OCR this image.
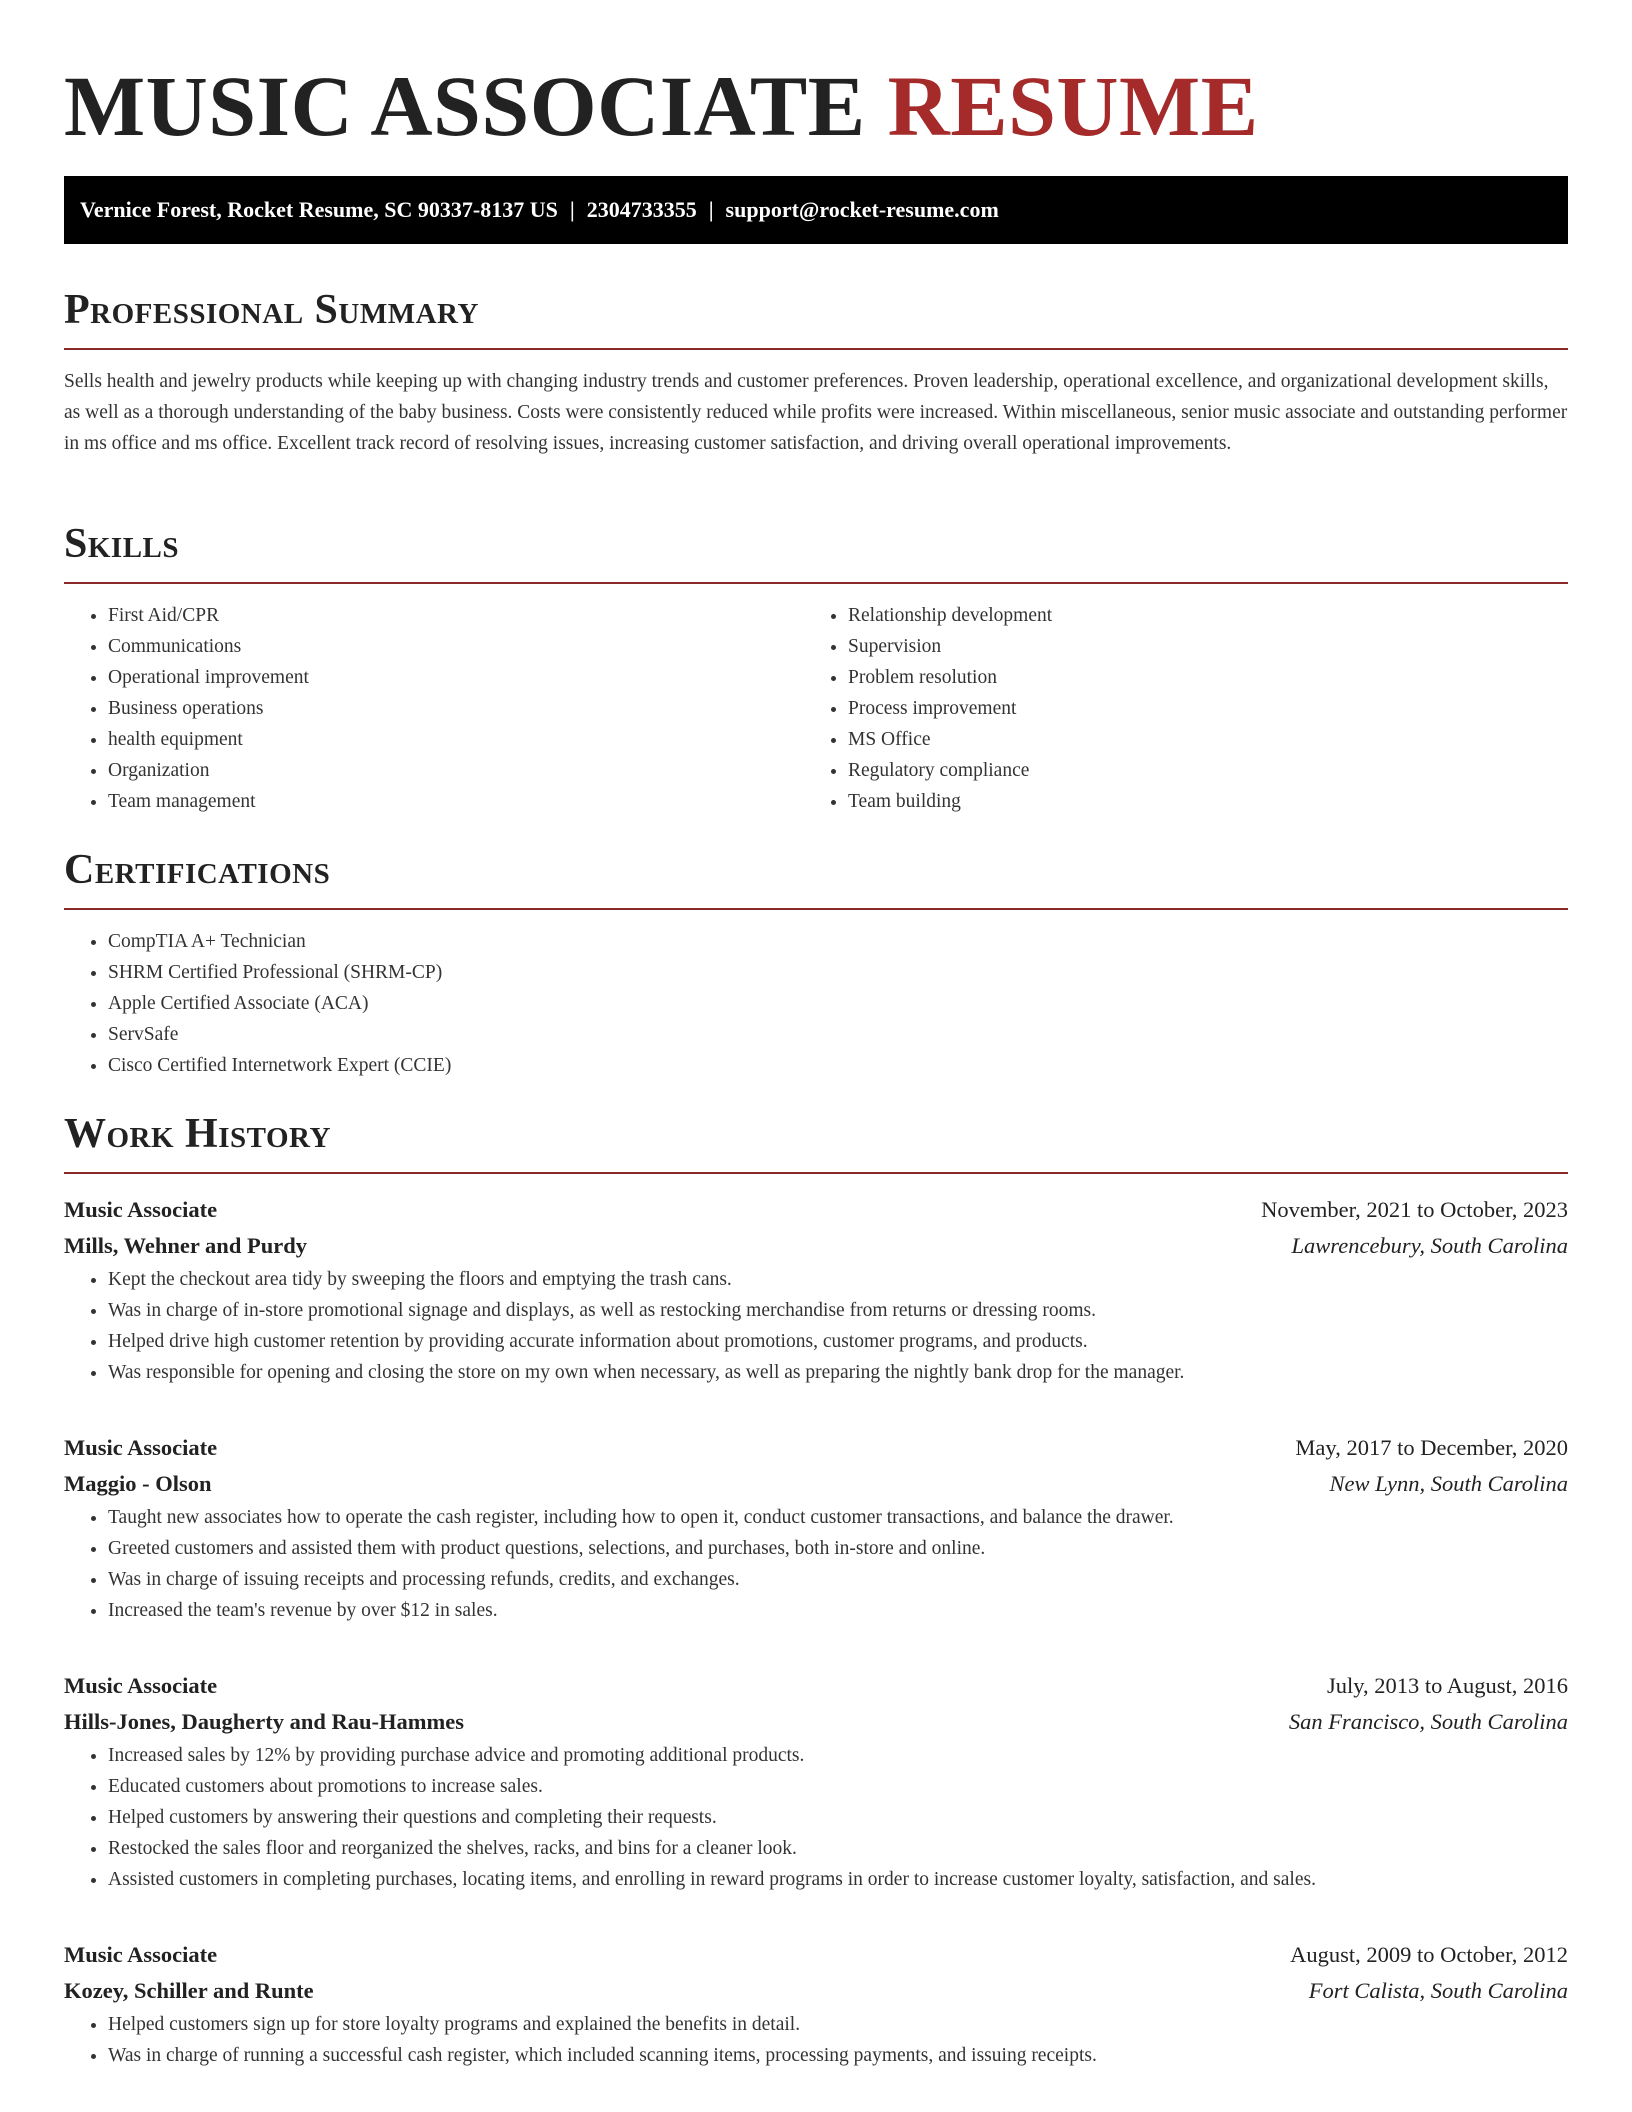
MUSIC ASSOCIATE RESUME
Vernice Forest, Rocket Resume, SC 90337-8137 US | 2304733355 | support@rocket-resume.com
Professional Summary

Sells health and jewelry products while keeping up with changing industry trends and customer preferences. Proven leadership, operational excellence, and organizational development skills, as well as a thorough understanding of the baby business. Costs were consistently reduced while profits were increased. Within miscellaneous, senior music associate and outstanding performer in ms office and ms office. Excellent track record of resolving issues, increasing customer satisfaction, and driving overall operational improvements.

Skills
• First Aid/CPR
• Communications
• Operational improvement
• Business operations
• health equipment
• Organization
• Team management
• Relationship development
• Supervision
• Problem resolution
• Process improvement
• MS Office
• Regulatory compliance
• Team building
Certifications
• CompTIA A+ Technician
• SHRM Certified Professional (SHRM-CP)
• Apple Certified Associate (ACA)
• ServSafe
• Cisco Certified Internetwork Expert (CCIE)
Work History
Music Associate	November, 2021 to October, 2023
Mills, Wehner and Purdy	Lawrencebury, South Carolina
• Kept the checkout area tidy by sweeping the floors and emptying the trash cans.
• Was in charge of in-store promotional signage and displays, as well as restocking merchandise from returns or dressing rooms.
• Helped drive high customer retention by providing accurate information about promotions, customer programs, and products.
• Was responsible for opening and closing the store on my own when necessary, as well as preparing the nightly bank drop for the manager.
Music Associate	May, 2017 to December, 2020
Maggio - Olson	New Lynn, South Carolina
• Taught new associates how to operate the cash register, including how to open it, conduct customer transactions, and balance the drawer.
• Greeted customers and assisted them with product questions, selections, and purchases, both in-store and online.
• Was in charge of issuing receipts and processing refunds, credits, and exchanges.
• Increased the team's revenue by over $12 in sales.
Music Associate	July, 2013 to August, 2016
Hills-Jones, Daugherty and Rau-Hammes	San Francisco, South Carolina
• Increased sales by 12% by providing purchase advice and promoting additional products.
• Educated customers about promotions to increase sales.
• Helped customers by answering their questions and completing their requests.
• Restocked the sales floor and reorganized the shelves, racks, and bins for a cleaner look.
• Assisted customers in completing purchases, locating items, and enrolling in reward programs in order to increase customer loyalty, satisfaction, and sales.
Music Associate	August, 2009 to October, 2012
Kozey, Schiller and Runte	Fort Calista, South Carolina
• Helped customers sign up for store loyalty programs and explained the benefits in detail.
• Was in charge of running a successful cash register, which included scanning items, processing payments, and issuing receipts.
